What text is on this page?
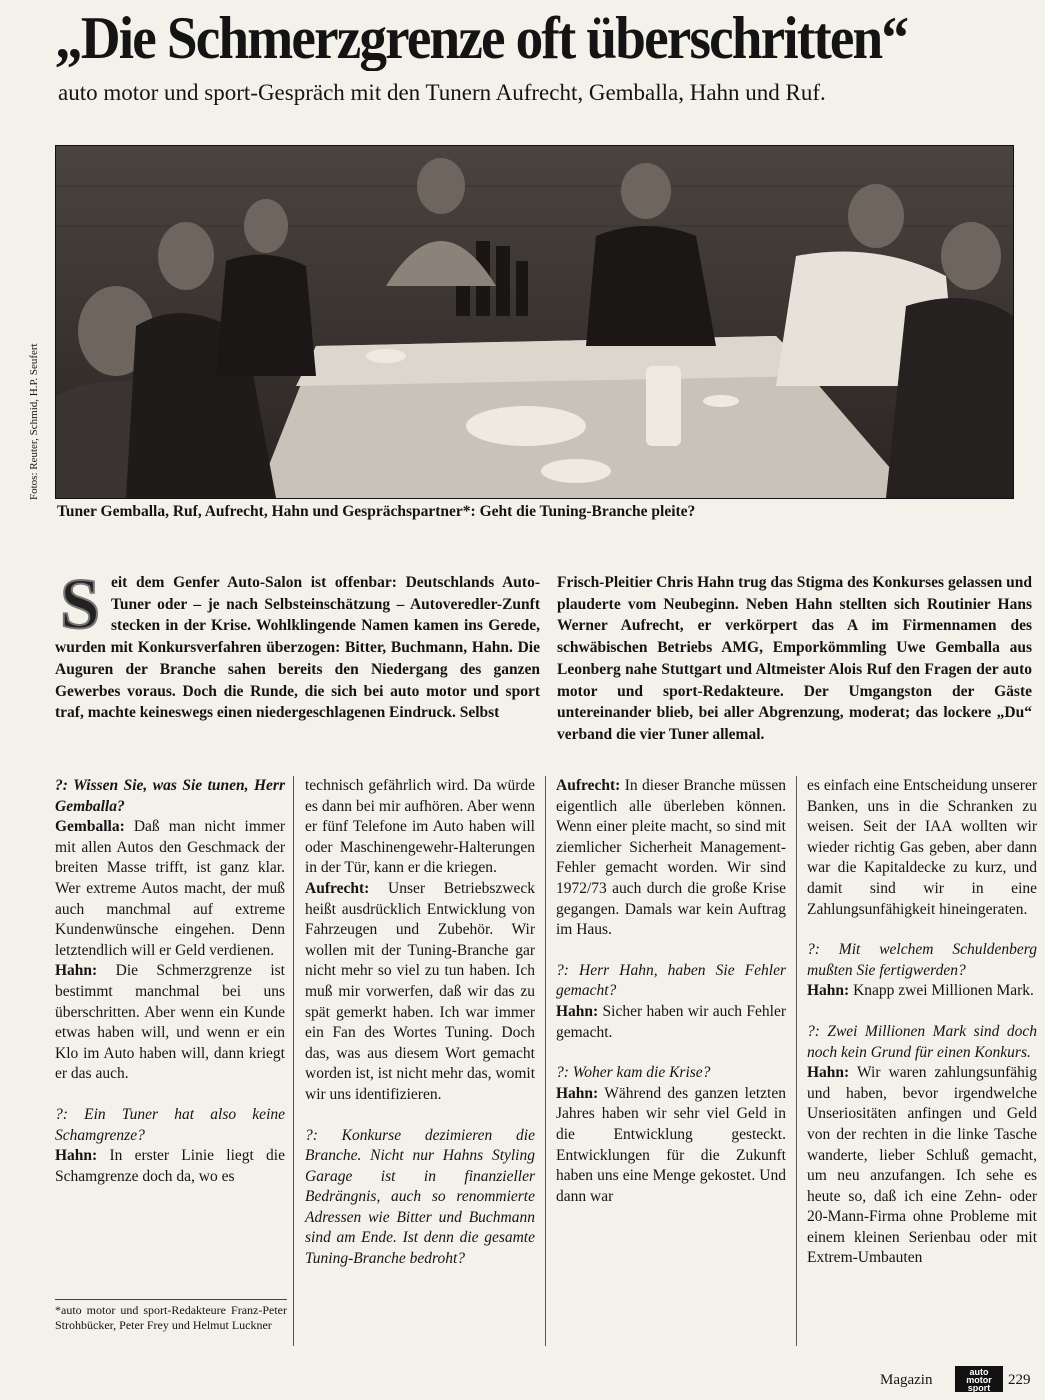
„Die Schmerzgrenze oft überschritten“

auto motor und sport-Gespräch mit den Tunern Aufrecht, Gemballa, Hahn und Ruf.

Fotos: Reuter, Schmid, H.P. Seufert

Tuner Gemballa, Ruf, Aufrecht, Hahn und Gesprächspartner*: Geht die Tuning-Branche pleite?

S eit dem Genfer Auto-Salon ist offenbar: Deutschlands Auto-Tuner oder – je nach Selbsteinschätzung – Autoveredler-Zunft stecken in der Krise. Wohlklingende Namen kamen ins Gerede, wurden mit Konkursverfahren überzogen: Bitter, Buchmann, Hahn. Die Auguren der Branche sahen bereits den Niedergang des ganzen Gewerbes voraus. Doch die Runde, die sich bei auto motor und sport traf, machte keineswegs einen niedergeschlagenen Eindruck. Selbst

Frisch-Pleitier Chris Hahn trug das Stigma des Konkurses gelassen und plauderte vom Neubeginn. Neben Hahn stellten sich Routinier Hans Werner Aufrecht, er verkörpert das A im Firmennamen des schwäbischen Betriebs AMG, Emporkömmling Uwe Gemballa aus Leonberg nahe Stuttgart und Altmeister Alois Ruf den Fragen der auto motor und sport-Redakteure. Der Umgangston der Gäste untereinander blieb, bei aller Abgrenzung, moderat; das lockere „Du“ verband die vier Tuner allemal.

?: Wissen Sie, was Sie tunen, Herr Gemballa?
Gemballa: Daß man nicht immer mit allen Autos den Geschmack der breiten Masse trifft, ist ganz klar. Wer extreme Autos macht, der muß auch manchmal auf extreme Kundenwünsche eingehen. Denn letztendlich will er Geld verdienen.
Hahn: Die Schmerzgrenze ist bestimmt manchmal bei uns überschritten. Aber wenn ein Kunde etwas haben will, und wenn er ein Klo im Auto haben will, dann kriegt er das auch.

?: Ein Tuner hat also keine Schamgrenze?
Hahn: In erster Linie liegt die Schamgrenze doch da, wo es

technisch gefährlich wird. Da würde es dann bei mir aufhören. Aber wenn er fünf Telefone im Auto haben will oder Maschinengewehr-Halterungen in der Tür, kann er die kriegen.
Aufrecht: Unser Betriebszweck heißt ausdrücklich Entwicklung von Fahrzeugen und Zubehör. Wir wollen mit der Tuning-Branche gar nicht mehr so viel zu tun haben. Ich muß mir vorwerfen, daß wir das zu spät gemerkt haben. Ich war immer ein Fan des Wortes Tuning. Doch das, was aus diesem Wort gemacht worden ist, ist nicht mehr das, womit wir uns identifizieren.

?: Konkurse dezimieren die Branche. Nicht nur Hahns Styling Garage ist in finanzieller Bedrängnis, auch so renommierte Adressen wie Bitter und Buchmann sind am Ende. Ist denn die gesamte Tuning-Branche bedroht?

Aufrecht: In dieser Branche müssen eigentlich alle überleben können. Wenn einer pleite macht, so sind mit ziemlicher Sicherheit Management-Fehler gemacht worden. Wir sind 1972/73 auch durch die große Krise gegangen. Damals war kein Auftrag im Haus.

?: Herr Hahn, haben Sie Fehler gemacht?
Hahn: Sicher haben wir auch Fehler gemacht.

?: Woher kam die Krise?
Hahn: Während des ganzen letzten Jahres haben wir sehr viel Geld in die Entwicklung gesteckt. Entwicklungen für die Zukunft haben uns eine Menge gekostet. Und dann war

es einfach eine Entscheidung unserer Banken, uns in die Schranken zu weisen. Seit der IAA wollten wir wieder richtig Gas geben, aber dann war die Kapitaldecke zu kurz, und damit sind wir in eine Zahlungsunfähigkeit hineingeraten.

?: Mit welchem Schuldenberg mußten Sie fertigwerden?
Hahn: Knapp zwei Millionen Mark.

?: Zwei Millionen Mark sind doch noch kein Grund für einen Konkurs.
Hahn: Wir waren zahlungsunfähig und haben, bevor irgendwelche Unseriositäten anfingen und Geld von der rechten in die linke Tasche wanderte, lieber Schluß gemacht, um neu anzufangen. Ich sehe es heute so, daß ich eine Zehn- oder 20-Mann-Firma ohne Probleme mit einem kleinen Serienbau oder mit Extrem-Umbauten

*auto motor und sport-Redakteure Franz-Peter Strohbücker, Peter Frey und Helmut Luckner

Magazin	auto
motor
sport	229
